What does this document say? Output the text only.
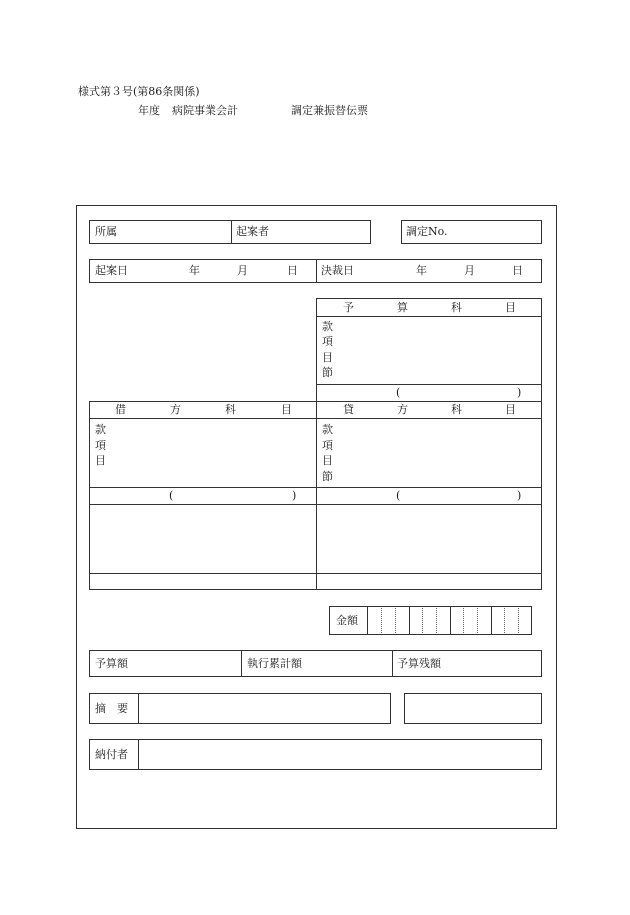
様式第３号(第86条関係)
年度 病院事業会計	調定兼振替伝票
所属	起案者	調定No.
起案日	年	月	日 決裁日	年	月	日
予	算	科	目
款
項
目
節
(	)
借	方	科	目
款
項
目
(	)
貸	方	科	目
款
項
目
節
(	)
金額
予算額	執行累計額	予算残額
摘　要
納付者
